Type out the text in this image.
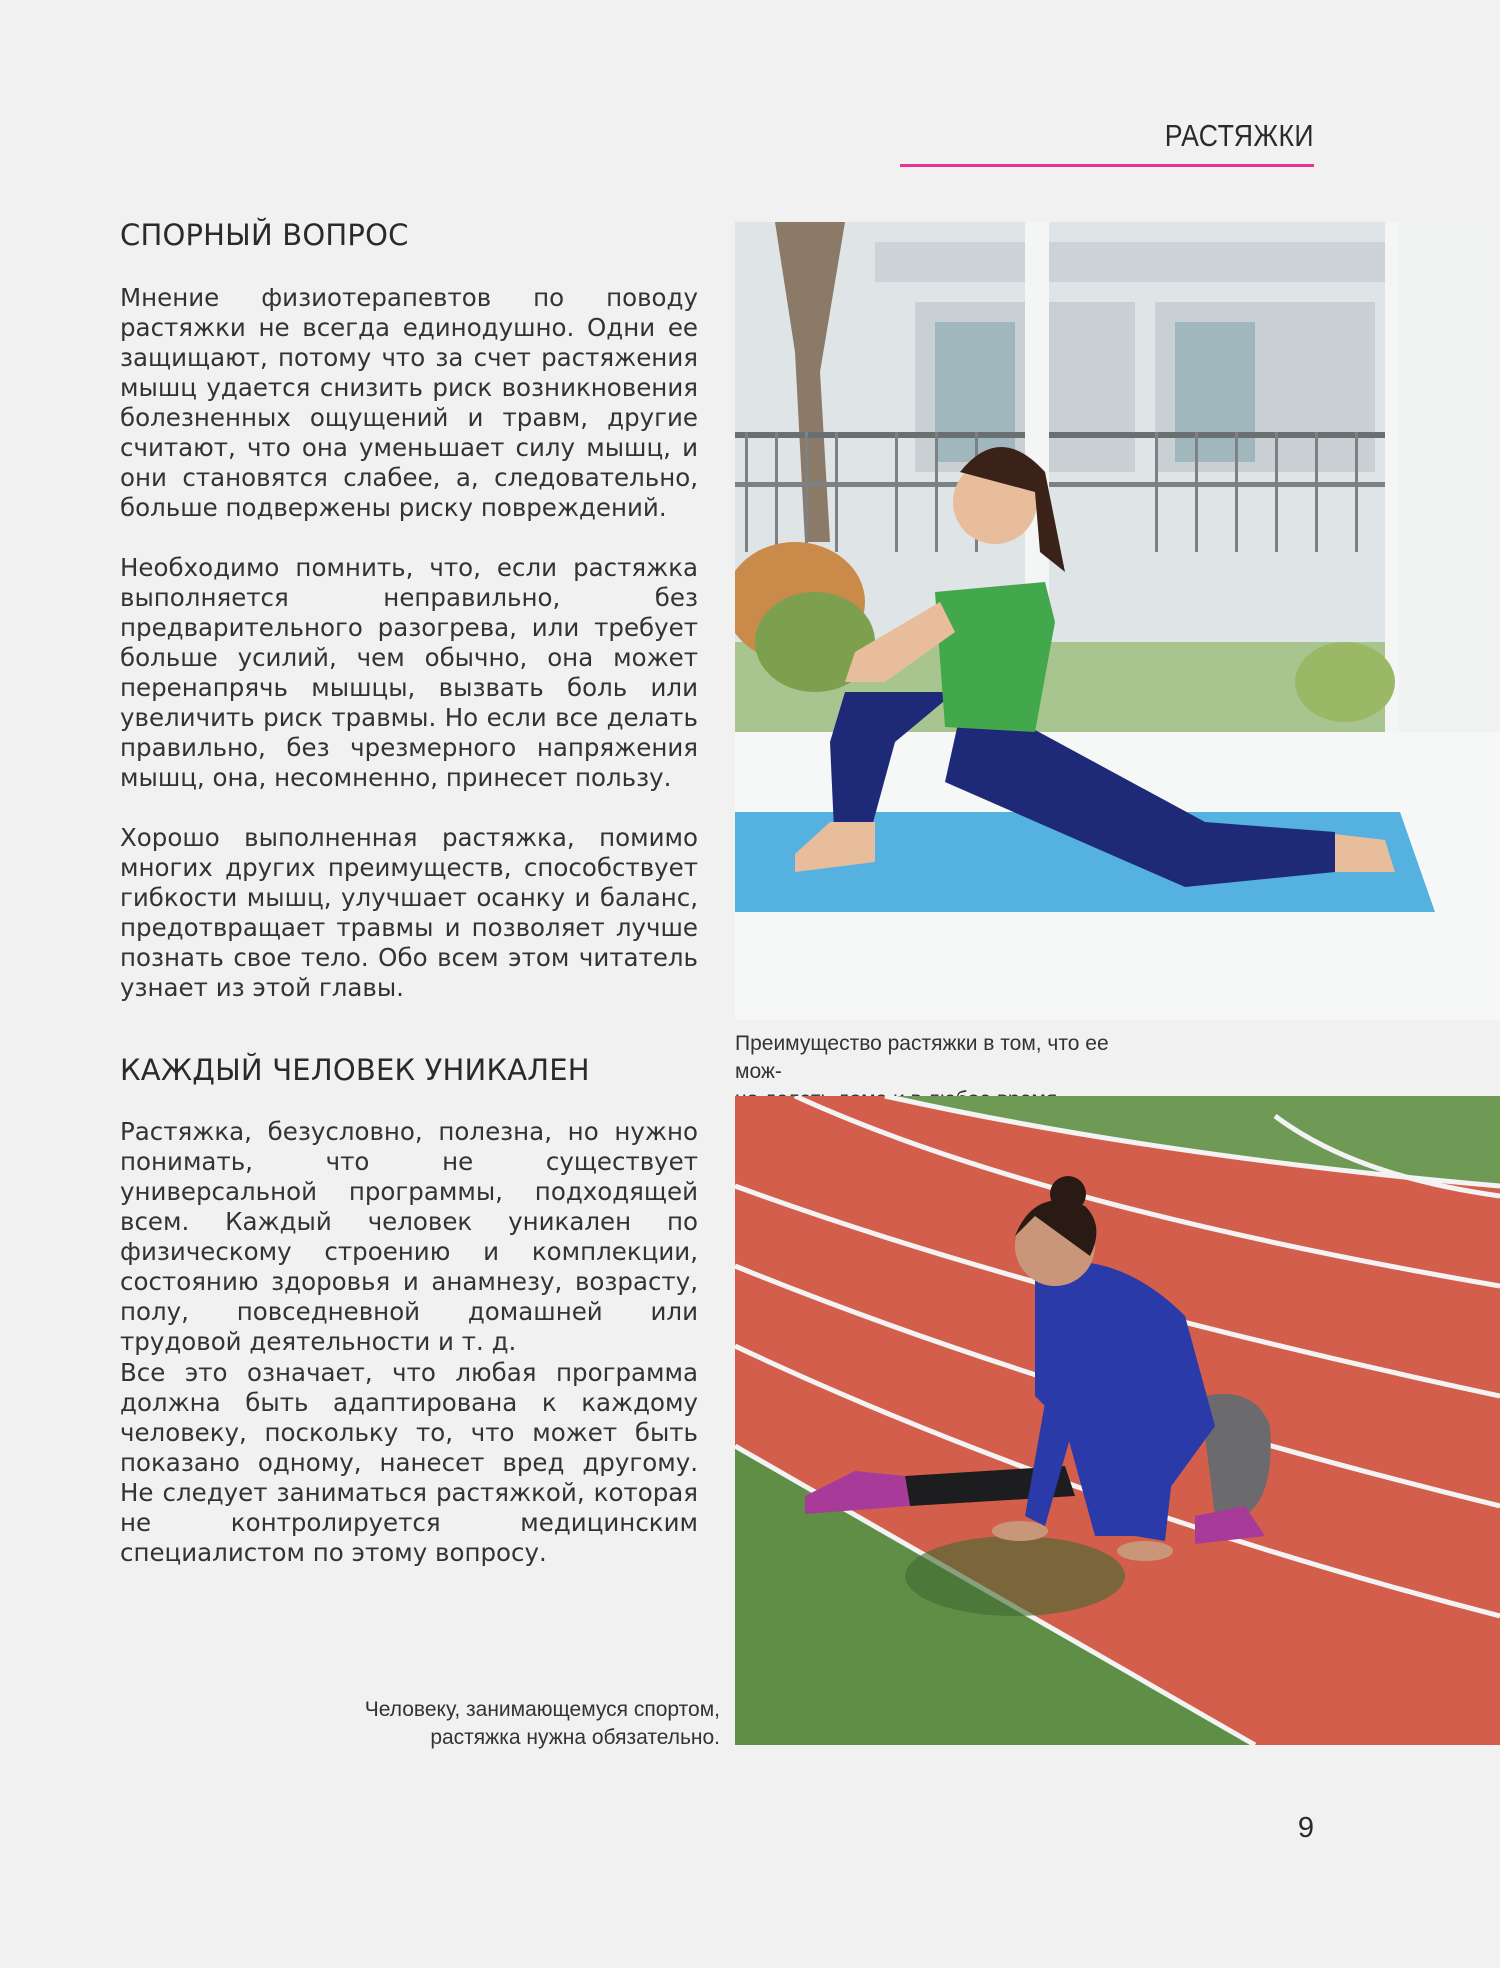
РАСТЯЖКИ
СПОРНЫЙ ВОПРОС

Мнение физиотерапевтов по поводу растяжки не всегда единодушно. Одни ее защищают, потому что за счет растяжения мышц удается снизить риск возникновения болезненных ощущений и травм, другие считают, что она уменьшает силу мышц, и они становятся слабее, а, следовательно, больше подвержены риску повреждений.

Необходимо помнить, что, если растяжка выполняется неправильно, без предварительного разогрева, или требует больше усилий, чем обычно, она может перенапрячь мышцы, вызвать боль или увеличить риск травмы. Но если все делать правильно, без чрезмерного напряжения мышц, она, несомненно, принесет пользу.

Хорошо выполненная растяжка, помимо многих других преимуществ, способствует гибкости мышц, улучшает осанку и баланс, предотвращает травмы и позволяет лучше познать свое тело. Обо всем этом читатель узнает из этой главы.

КАЖДЫЙ ЧЕЛОВЕК УНИКАЛЕН

Растяжка, безусловно, полезна, но нужно понимать, что не существует универсальной программы, подходящей всем. Каждый человек уникален по физическому строению и комплекции, состоянию здоровья и анамнезу, возрасту, полу, повседневной домашней или трудовой деятельности и т. д.

Все это означает, что любая программа должна быть адаптирована к каждому человеку, поскольку то, что может быть показано одному, нанесет вред другому. Не следует заниматься растяжкой, которая не контролируется медицинским специалистом по этому вопросу.

Преимущество растяжки в том, что ее мож-
Человеку, занимающемуся спортом,
растяжка нужна обязательно.
9
